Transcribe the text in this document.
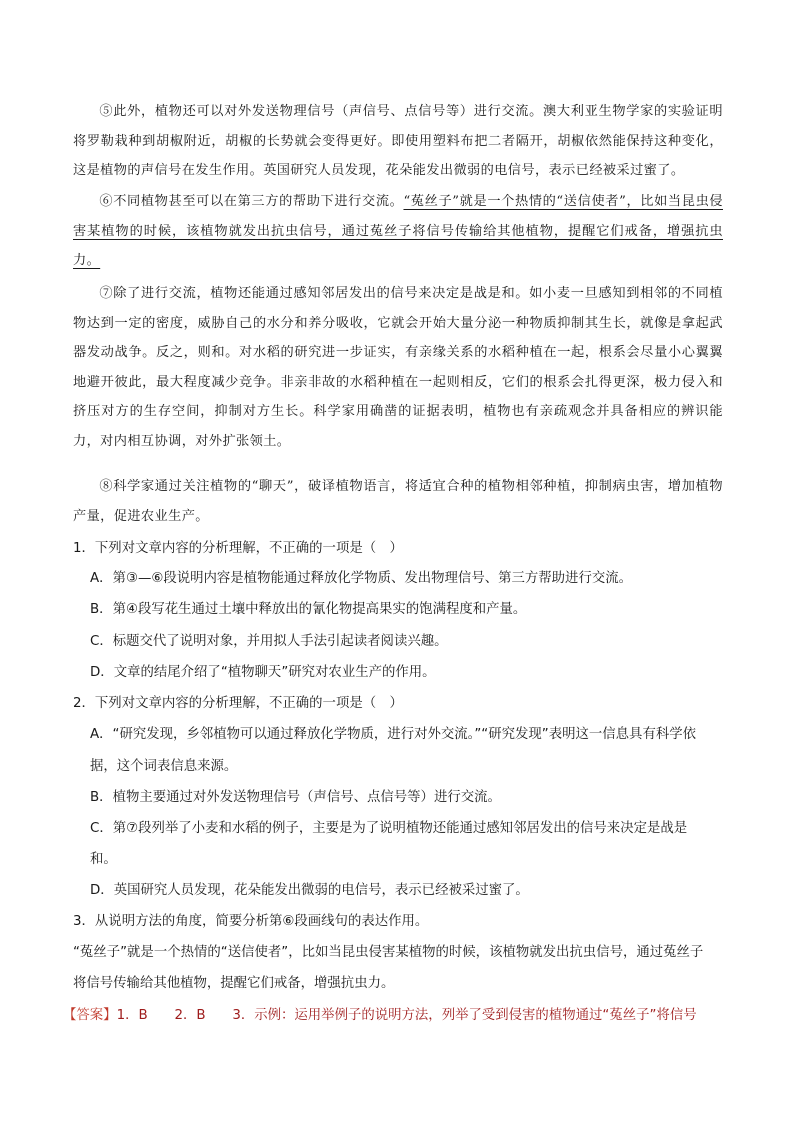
⑤此外，植物还可以对外发送物理信号（声信号、点信号等）进行交流。澳大利亚生物学家的实验证明将罗勒栽种到胡椒附近，胡椒的长势就会变得更好。即使用塑料布把二者隔开，胡椒依然能保持这种变化，这是植物的声信号在发生作用。英国研究人员发现，花朵能发出微弱的电信号，表示已经被采过蜜了。

⑥不同植物甚至可以在第三方的帮助下进行交流。“菟丝子”就是一个热情的“送信使者”，比如当昆虫侵害某植物的时候，该植物就发出抗虫信号，通过菟丝子将信号传输给其他植物，提醒它们戒备，增强抗虫力。

⑦除了进行交流，植物还能通过感知邻居发出的信号来决定是战是和。如小麦一旦感知到相邻的不同植物达到一定的密度，威胁自己的水分和养分吸收，它就会开始大量分泌一种物质抑制其生长，就像是拿起武器发动战争。反之，则和。对水稻的研究进一步证实，有亲缘关系的水稻种植在一起，根系会尽量小心翼翼地避开彼此，最大程度减少竞争。非亲非故的水稻种植在一起则相反，它们的根系会扎得更深，极力侵入和挤压对方的生存空间，抑制对方生长。科学家用确凿的证据表明，植物也有亲疏观念并具备相应的辨识能力，对内相互协调，对外扩张领土。

⑧科学家通过关注植物的“聊天”，破译植物语言，将适宜合种的植物相邻种植，抑制病虫害，增加植物产量，促进农业生产。

1．下列对文章内容的分析理解，不正确的一项是（　）

A．第③—⑥段说明内容是植物能通过释放化学物质、发出物理信号、第三方帮助进行交流。

B．第④段写花生通过土壤中释放出的氰化物提高果实的饱满程度和产量。

C．标题交代了说明对象，并用拟人手法引起读者阅读兴趣。

D．文章的结尾介绍了“植物聊天”研究对农业生产的作用。

2．下列对文章内容的分析理解，不正确的一项是（　）

A．“研究发现，乡邻植物可以通过释放化学物质，进行对外交流。”“研究发现”表明这一信息具有科学依

据，这个词表信息来源。

B．植物主要通过对外发送物理信号（声信号、点信号等）进行交流。

C．第⑦段列举了小麦和水稻的例子，主要是为了说明植物还能通过感知邻居发出的信号来决定是战是

和。

D．英国研究人员发现，花朵能发出微弱的电信号，表示已经被采过蜜了。

3．从说明方法的角度，简要分析第⑥段画线句的表达作用。

“菟丝子”就是一个热情的“送信使者”，比如当昆虫侵害某植物的时候，该植物就发出抗虫信号，通过菟丝子

将信号传输给其他植物，提醒它们戒备，增强抗虫力。

【答案】1．B　　2．B　　3．示例：运用举例子的说明方法，列举了受到侵害的植物通过“菟丝子”将信号
